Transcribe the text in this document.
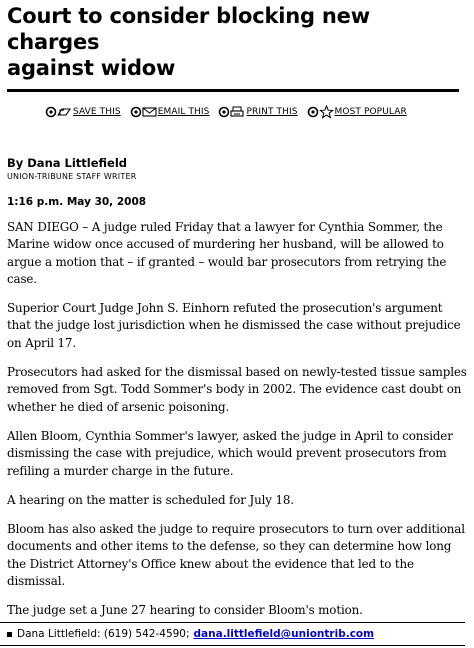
Court to consider blocking new charges
against widow
SAVE THIS	EMAIL THIS	PRINT THIS	MOST POPULAR
By Dana Littlefield
UNION-TRIBUNE STAFF WRITER
1:16 p.m. May 30, 2008

SAN DIEGO – A judge ruled Friday that a lawyer for Cynthia Sommer, the Marine widow once accused of murdering her husband, will be allowed to argue a motion that – if granted – would bar prosecutors from retrying the case.

Superior Court Judge John S. Einhorn refuted the prosecution's argument that the judge lost jurisdiction when he dismissed the case without prejudice on April 17.

Prosecutors had asked for the dismissal based on newly-tested tissue samples removed from Sgt. Todd Sommer's body in 2002. The evidence cast doubt on whether he died of arsenic poisoning.

Allen Bloom, Cynthia Sommer's lawyer, asked the judge in April to consider dismissing the case with prejudice, which would prevent prosecutors from refiling a murder charge in the future.

A hearing on the matter is scheduled for July 18.

Bloom has also asked the judge to require prosecutors to turn over additional documents and other items to the defense, so they can determine how long the District Attorney's Office knew about the evidence that led to the dismissal.

The judge set a June 27 hearing to consider Bloom's motion.

Dana Littlefield: (619) 542-4590; dana.littlefield@uniontrib.com
